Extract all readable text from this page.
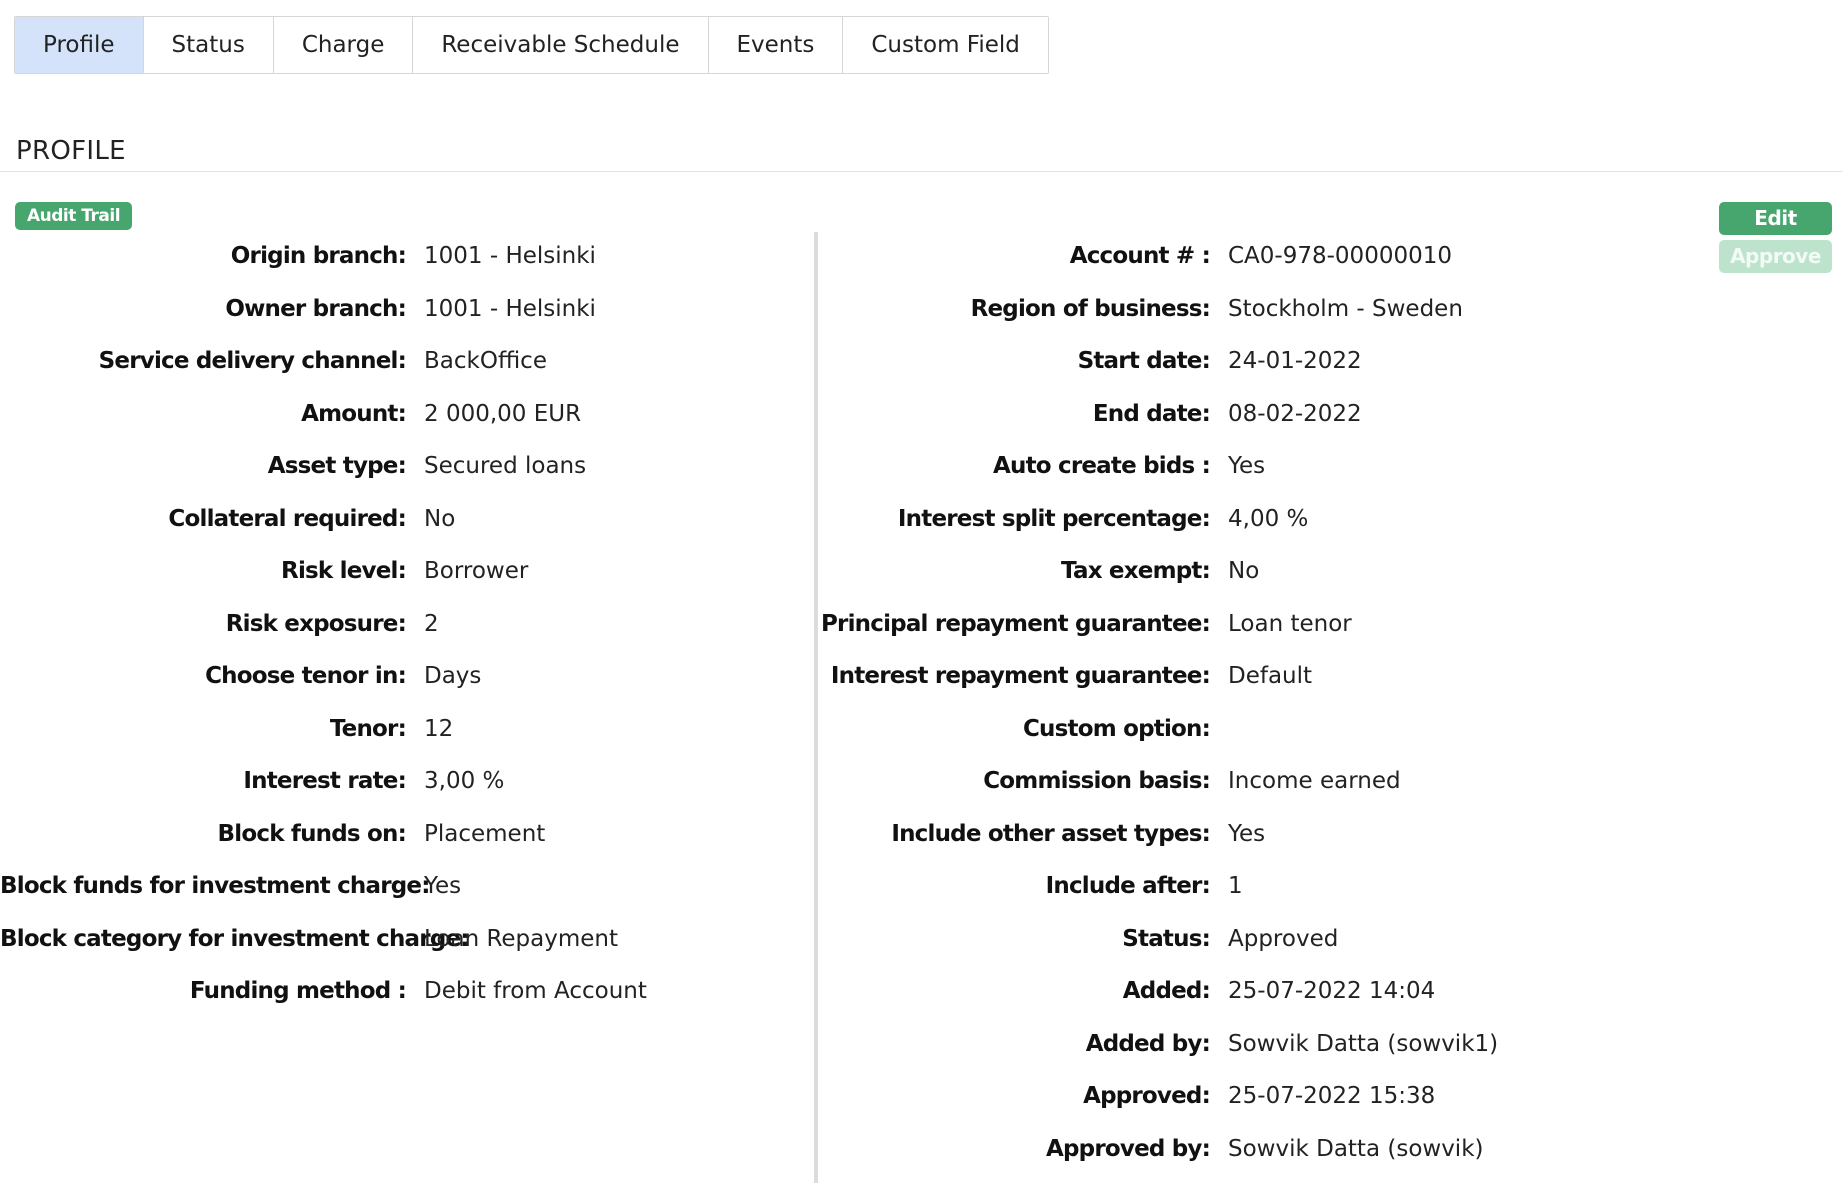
Profile	Status	Charge	Receivable Schedule	Events	Custom Field
PROFILE
Audit Trail	Edit
Approve
Origin branch: 1001 - Helsinki
Owner branch: 1001 - Helsinki
Service delivery channel: BackOffice
Amount: 2 000,00 EUR
Asset type: Secured loans
Collateral required: No
Risk level: Borrower
Risk exposure: 2
Choose tenor in: Days
Tenor: 12
Interest rate: 3,00 %
Block funds on: Placement
Block funds for investment charge:
Yes
Block category for investment charge:
Loan Repayment
Funding method : Debit from Account
Account # : CA0-978-00000010
Region of business: Stockholm - Sweden
Start date: 24-01-2022
End date: 08-02-2022
Auto create bids : Yes
Interest split percentage: 4,00 %
Tax exempt: No
Principal repayment guarantee: Loan tenor
Interest repayment guarantee: Default
Custom option:
Commission basis: Income earned
Include other asset types: Yes
Include after: 1
Status: Approved
Added: 25-07-2022 14:04
Added by: Sowvik Datta (sowvik1)
Approved: 25-07-2022 15:38
Approved by: Sowvik Datta (sowvik)
